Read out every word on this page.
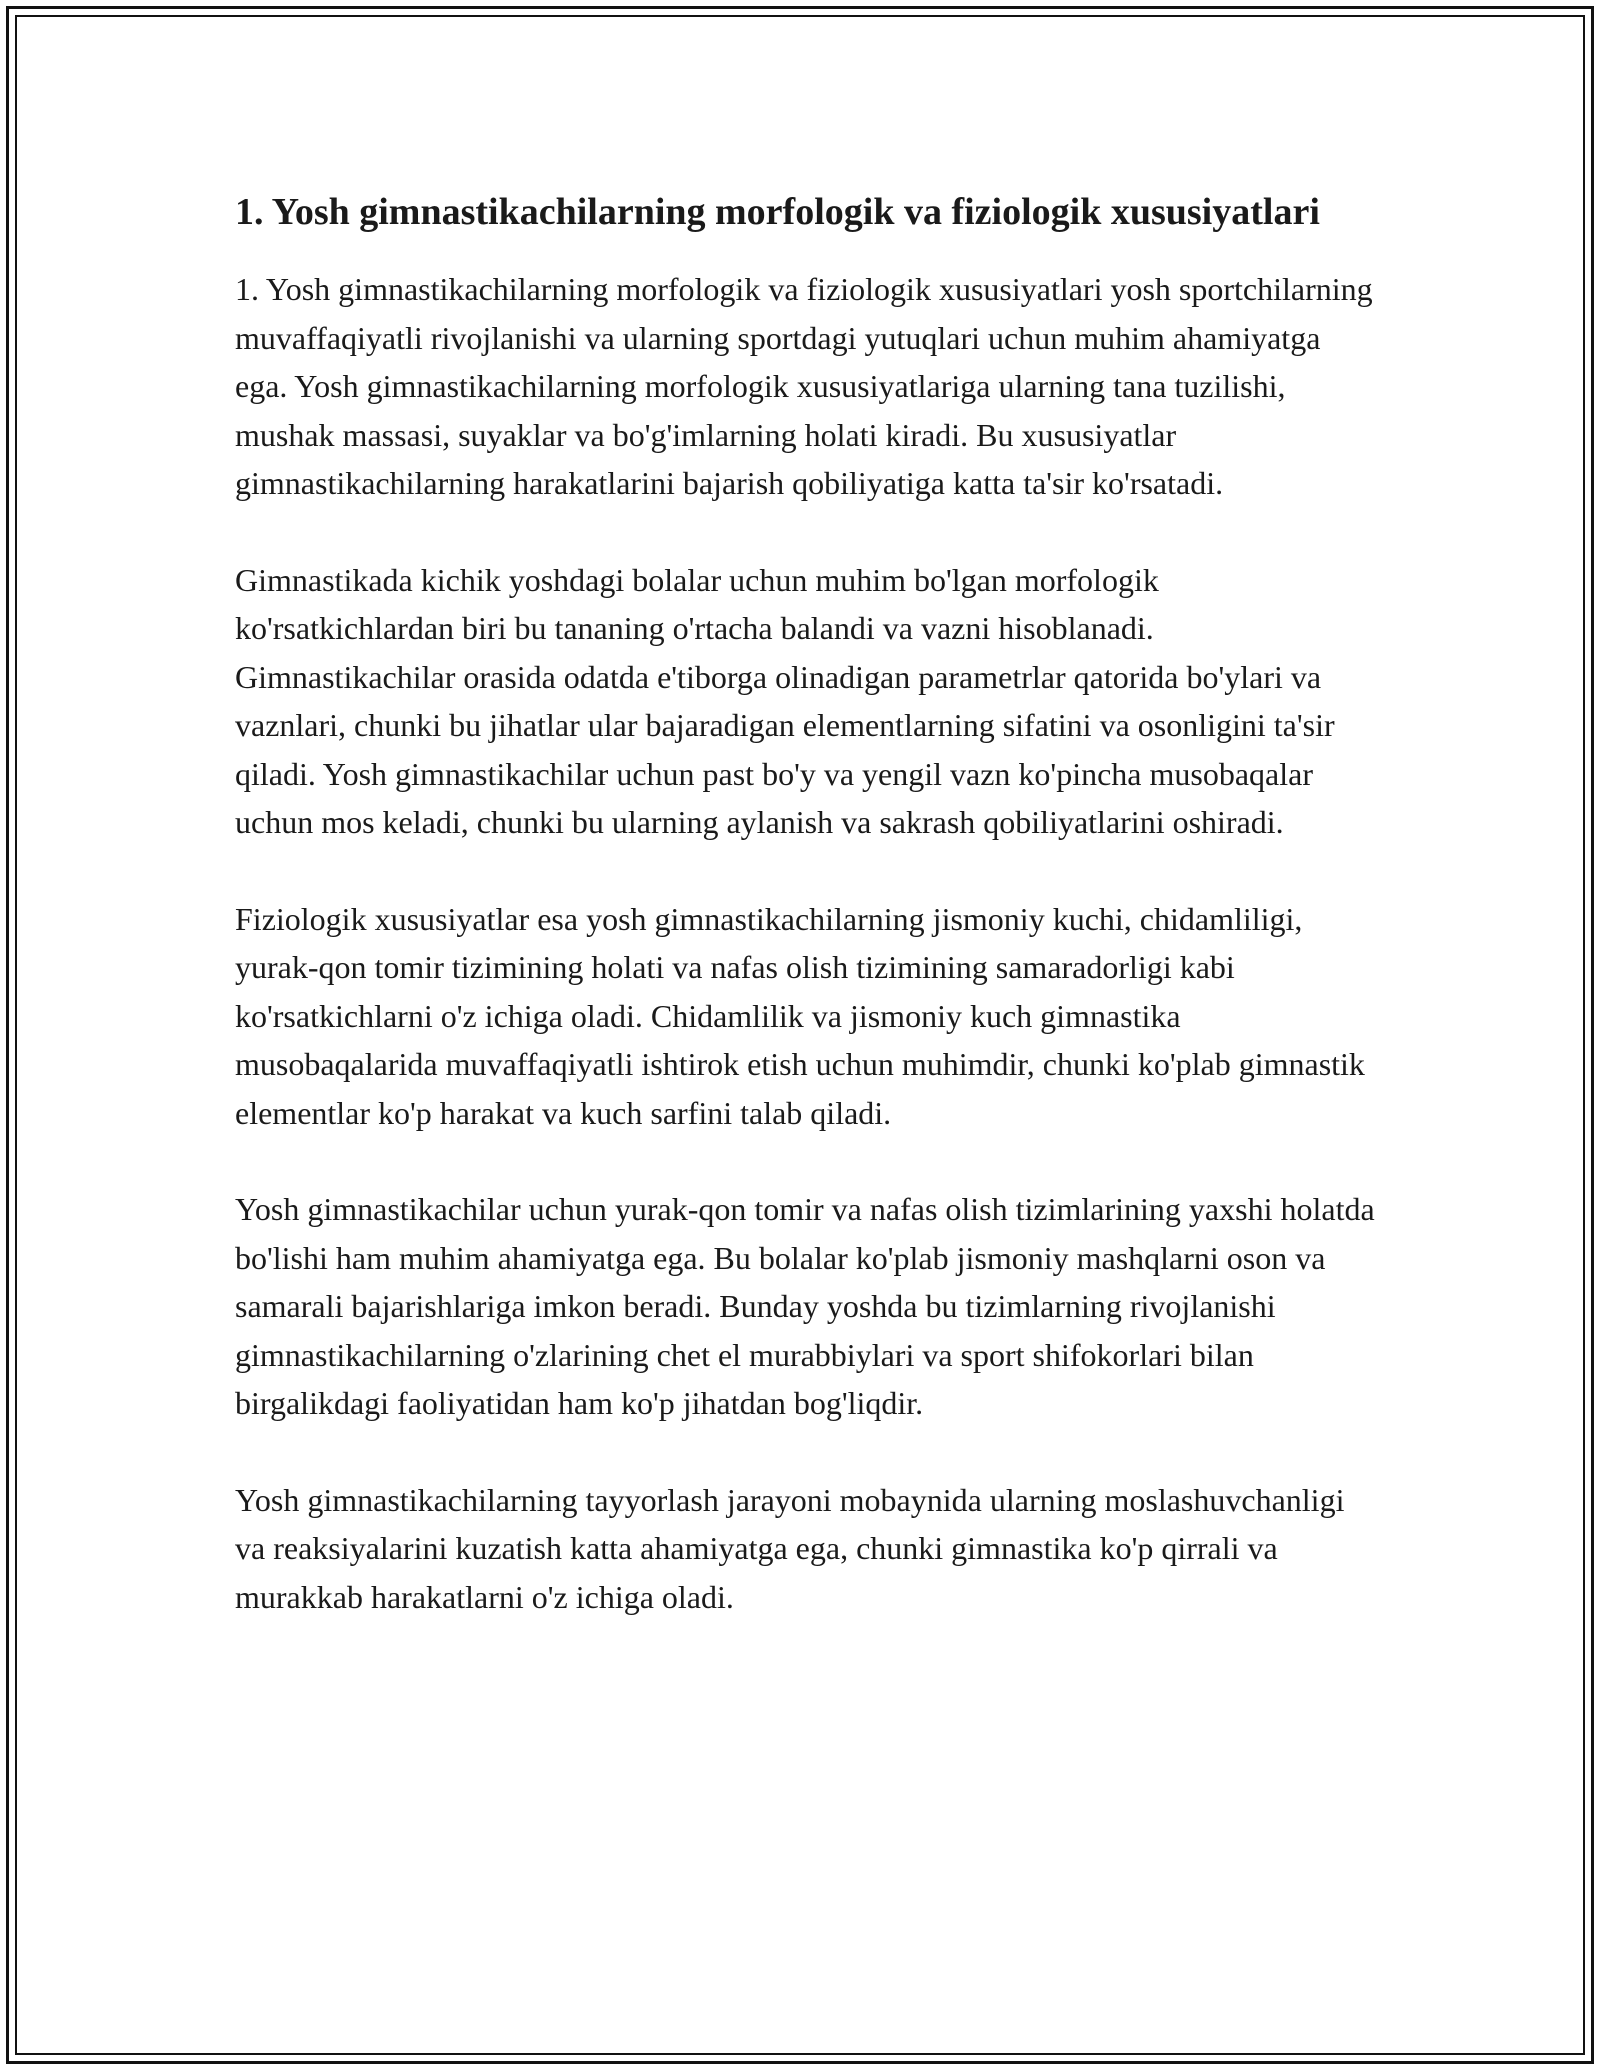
1. Yosh gimnastikachilarning morfologik va fiziologik xususiyatlari

1. Yosh gimnastikachilarning morfologik va fiziologik xususiyatlari yosh sportchilarning muvaffaqiyatli rivojlanishi va ularning sportdagi yutuqlari uchun muhim ahamiyatga ega. Yosh gimnastikachilarning morfologik xususiyatlariga ularning tana tuzilishi, mushak massasi, suyaklar va bo'g'imlarning holati kiradi. Bu xususiyatlar gimnastikachilarning harakatlarini bajarish qobiliyatiga katta ta'sir ko'rsatadi.

Gimnastikada kichik yoshdagi bolalar uchun muhim bo'lgan morfologik ko'rsatkichlardan biri bu tananing o'rtacha balandi va vazni hisoblanadi. Gimnastikachilar orasida odatda e'tiborga olinadigan parametrlar qatorida bo'ylari va vaznlari, chunki bu jihatlar ular bajaradigan elementlarning sifatini va osonligini ta'sir qiladi. Yosh gimnastikachilar uchun past bo'y va yengil vazn ko'pincha musobaqalar uchun mos keladi, chunki bu ularning aylanish va sakrash qobiliyatlarini oshiradi.

Fiziologik xususiyatlar esa yosh gimnastikachilarning jismoniy kuchi, chidamliligi, yurak-qon tomir tizimining holati va nafas olish tizimining samaradorligi kabi ko'rsatkichlarni o'z ichiga oladi. Chidamlilik va jismoniy kuch gimnastika musobaqalarida muvaffaqiyatli ishtirok etish uchun muhimdir, chunki ko'plab gimnastik elementlar ko'p harakat va kuch sarfini talab qiladi.

Yosh gimnastikachilar uchun yurak-qon tomir va nafas olish tizimlarining yaxshi holatda bo'lishi ham muhim ahamiyatga ega. Bu bolalar ko'plab jismoniy mashqlarni oson va samarali bajarishlariga imkon beradi. Bunday yoshda bu tizimlarning rivojlanishi gimnastikachilarning o'zlarining chet el murabbiylari va sport shifokorlari bilan birgalikdagi faoliyatidan ham ko'p jihatdan bog'liqdir.

Yosh gimnastikachilarning tayyorlash jarayoni mobaynida ularning moslashuvchanligi va reaksiyalarini kuzatish katta ahamiyatga ega, chunki gimnastika ko'p qirrali va murakkab harakatlarni o'z ichiga oladi.
